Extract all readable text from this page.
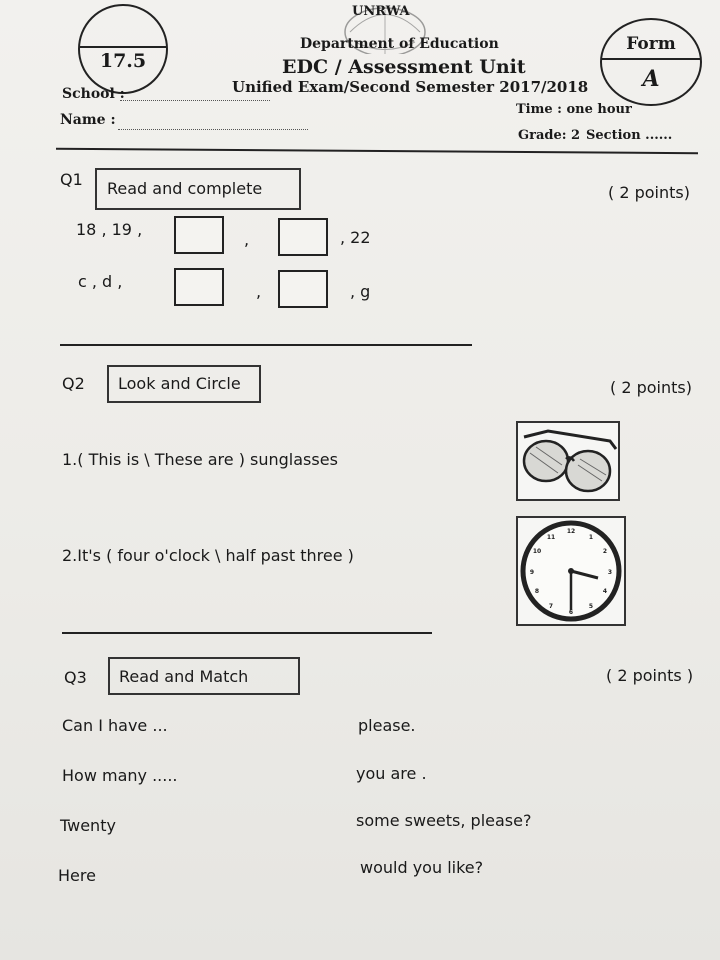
17.5
UNRWA
Department of Education
EDC / Assessment Unit
Unified Exam/Second Semester 2017/2018
School :
Name :
Time : one hour
Grade: 2 Section ......
Form
A
Q1 Read and complete	( 2 points)
18 , 19 ,
,	, 22
c , d ,
,	, g
Q2 Look and Circle	( 2 points)
1.( This is \ These are ) sunglasses
2.It's ( four o'clock \ half past three )
12
1
2
3
4
5
6
7
8
9
10
11
Q3 Read and Match	( 2 points )
Can I have ...
How many .....
Twenty
Here
please.
you are .
some sweets, please?
would you like?
